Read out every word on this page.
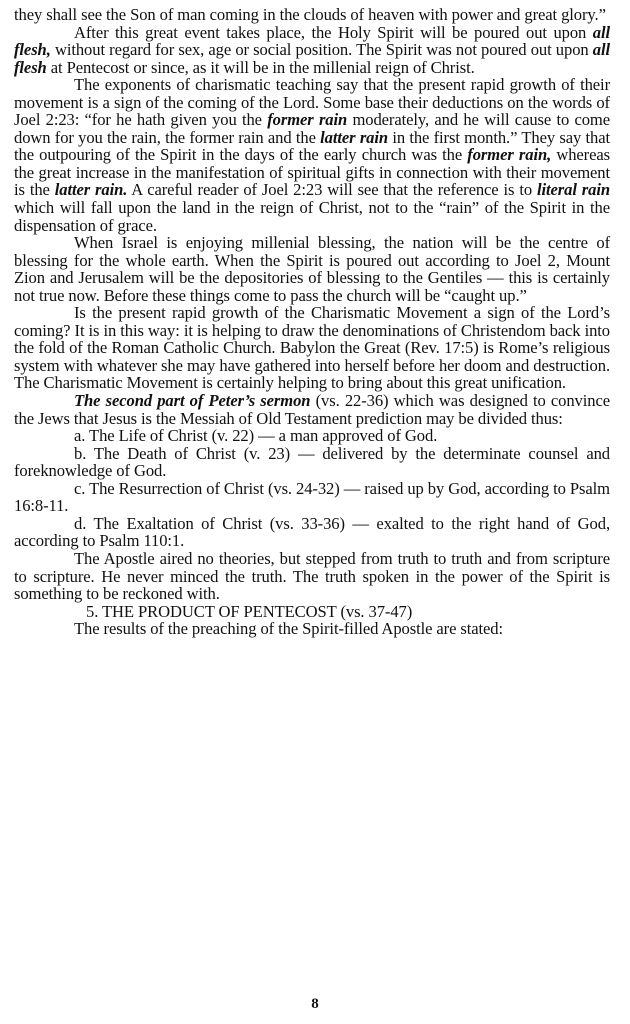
they shall see the Son of man coming in the clouds of heaven with power and great glory.”

After this great event takes place, the Holy Spirit will be poured out upon all flesh, without regard for sex, age or social position. The Spirit was not poured out upon all flesh at Pentecost or since, as it will be in the millenial reign of Christ.

The exponents of charismatic teaching say that the present rapid growth of their movement is a sign of the coming of the Lord. Some base their deductions on the words of Joel 2:23: “for he hath given you the former rain moderately, and he will cause to come down for you the rain, the former rain and the latter rain in the first month.” They say that the outpouring of the Spirit in the days of the early church was the former rain, whereas the great increase in the manifestation of spiritual gifts in connection with their movement is the latter rain. A careful reader of Joel 2:23 will see that the reference is to literal rain which will fall upon the land in the reign of Christ, not to the “rain” of the Spirit in the dispensation of grace.

When Israel is enjoying millenial blessing, the nation will be the centre of blessing for the whole earth. When the Spirit is poured out according to Joel 2, Mount Zion and Jerusalem will be the depositories of blessing to the Gentiles — this is certainly not true now. Before these things come to pass the church will be “caught up.”

Is the present rapid growth of the Charismatic Movement a sign of the Lord’s coming? It is in this way: it is helping to draw the denominations of Christendom back into the fold of the Roman Catholic Church. Babylon the Great (Rev. 17:5) is Rome’s religious system with whatever she may have gathered into herself before her doom and destruction. The Charismatic Movement is certainly helping to bring about this great unification.

The second part of Peter’s sermon (vs. 22-36) which was designed to convince the Jews that Jesus is the Messiah of Old Testament prediction may be divided thus:

a. The Life of Christ (v. 22) — a man approved of God.

b. The Death of Christ (v. 23) — delivered by the determinate counsel and foreknowledge of God.

c. The Resurrection of Christ (vs. 24-32) — raised up by God, according to Psalm 16:8-11.

d. The Exaltation of Christ (vs. 33-36) — exalted to the right hand of God, according to Psalm 110:1.

The Apostle aired no theories, but stepped from truth to truth and from scripture to scripture. He never minced the truth. The truth spoken in the power of the Spirit is something to be reckoned with.

5. THE PRODUCT OF PENTECOST (vs. 37-47)

The results of the preaching of the Spirit-filled Apostle are stated:

8
